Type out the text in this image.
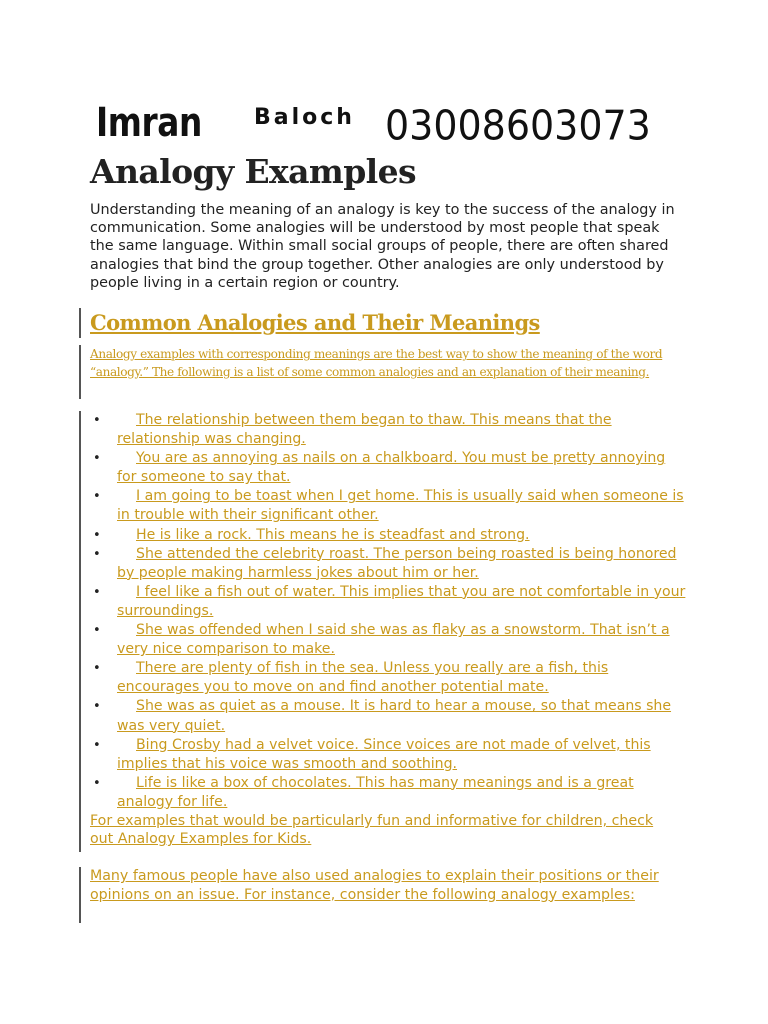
Imran Baloch 03008603073
Analogy Examples

Understanding the meaning of an analogy is key to the success of the analogy in communication. Some analogies will be understood by most people that speak the same language. Within small social groups of people, there are often shared analogies that bind the group together. Other analogies are only understood by people living in a certain region or country.

Common Analogies and Their Meanings

Analogy examples with corresponding meanings are the best way to show the meaning of the word “analogy.” The following is a list of some common analogies and an explanation of their meaning.

•	The relationship between them began to thaw. This means that the relationship was changing.
•	You are as annoying as nails on a chalkboard. You must be pretty annoying for someone to say that.
•	I am going to be toast when I get home. This is usually said when someone is in trouble with their significant other.
•	He is like a rock. This means he is steadfast and strong.
•	She attended the celebrity roast. The person being roasted is being honored by people making harmless jokes about him or her.
•	I feel like a fish out of water. This implies that you are not comfortable in your surroundings.
•	She was offended when I said she was as flaky as a snowstorm. That isn’t a very nice comparison to make.
•	There are plenty of fish in the sea. Unless you really are a fish, this encourages you to move on and find another potential mate.
•	She was as quiet as a mouse. It is hard to hear a mouse, so that means she was very quiet.
•	Bing Crosby had a velvet voice. Since voices are not made of velvet, this implies that his voice was smooth and soothing.
•	Life is like a box of chocolates. This has many meanings and is a great analogy for life.

For examples that would be particularly fun and informative for children, check out Analogy Examples for Kids.

Many famous people have also used analogies to explain their positions or their opinions on an issue. For instance, consider the following analogy examples:
